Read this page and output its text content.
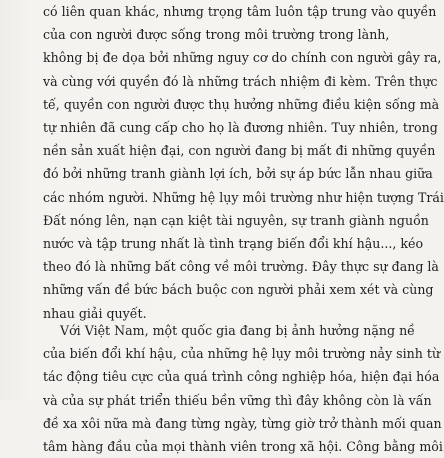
có liên quan khác, nhưng trọng tâm luôn tập trung vào quyền
của con người được sống trong môi trường trong lành,
không bị đe dọa bởi những nguy cơ do chính con người gây ra,
và cùng với quyền đó là những trách nhiệm đi kèm. Trên thực
tế, quyền con người được thụ hưởng những điều kiện sống mà
tự nhiên đã cung cấp cho họ là đương nhiên. Tuy nhiên, trong
nền sản xuất hiện đại, con người đang bị mất đi những quyền
đó bởi những tranh giành lợi ích, bởi sự áp bức lẫn nhau giữa
các nhóm người. Những hệ lụy môi trường như hiện tượng Trái
Đất nóng lên, nạn cạn kiệt tài nguyên, sự tranh giành nguồn
nước và tập trung nhất là tình trạng biến đổi khí hậu..., kéo
theo đó là những bất công về môi trường. Đây thực sự đang là
những vấn đề bức bách buộc con người phải xem xét và cùng
nhau giải quyết.
Với Việt Nam, một quốc gia đang bị ảnh hưởng nặng nề
của biến đổi khí hậu, của những hệ lụy môi trường nảy sinh từ
tác động tiêu cực của quá trình công nghiệp hóa, hiện đại hóa
và của sự phát triển thiếu bền vững thì đây không còn là vấn
đề xa xôi nữa mà đang từng ngày, từng giờ trở thành mối quan
tâm hàng đầu của mọi thành viên trong xã hội. Công bằng môi
